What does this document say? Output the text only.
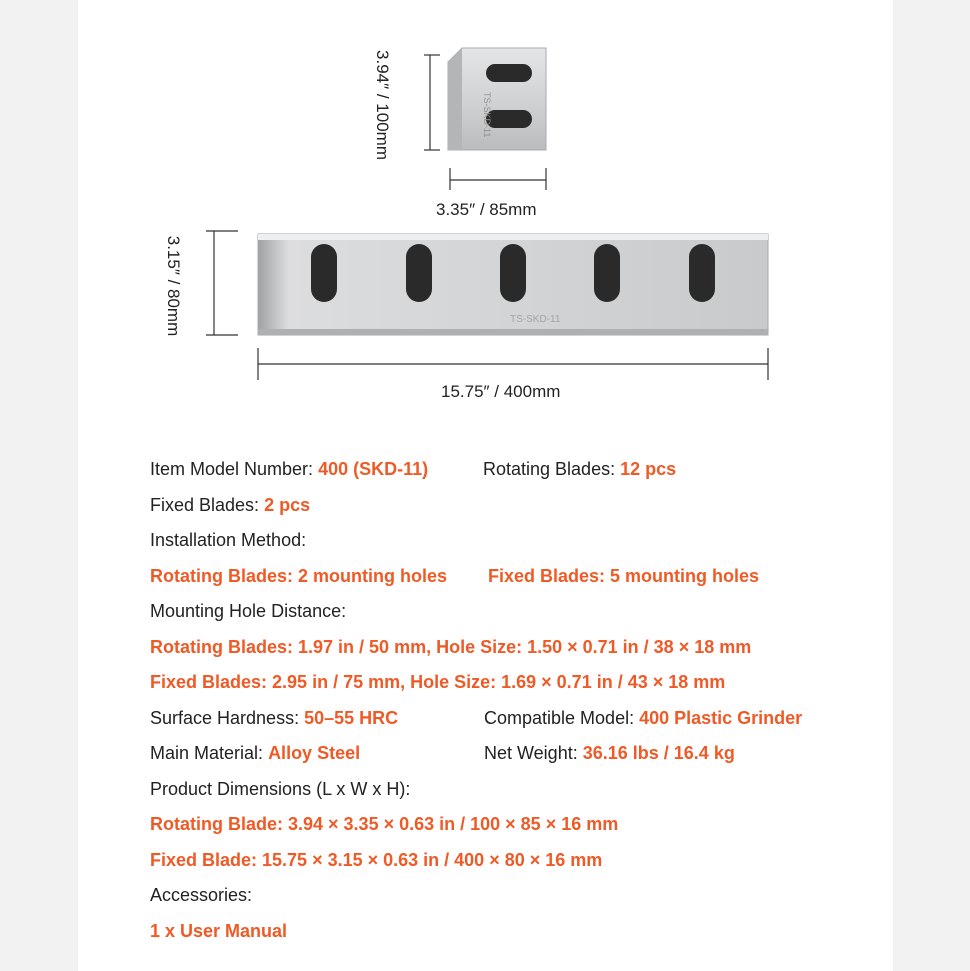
TS-SKD-11
TS-SKD-11
3.94″ / 100mm
3.35″ / 85mm
3.15″ / 80mm
15.75″ / 400mm
Item Model Number: 400 (SKD-11)	Rotating Blades: 12 pcs
Fixed Blades: 2 pcs
Installation Method:
Rotating Blades: 2 mounting holes Fixed Blades: 5 mounting holes
Mounting Hole Distance:
Rotating Blades: 1.97 in / 50 mm, Hole Size: 1.50 × 0.71 in / 38 × 18 mm
Fixed Blades: 2.95 in / 75 mm, Hole Size: 1.69 × 0.71 in / 43 × 18 mm
Surface Hardness: 50–55 HRC	Compatible Model: 400 Plastic Grinder
Main Material: Alloy Steel	Net Weight: 36.16 lbs / 16.4 kg
Product Dimensions (L x W x H):
Rotating Blade: 3.94 × 3.35 × 0.63 in / 100 × 85 × 16 mm
Fixed Blade: 15.75 × 3.15 × 0.63 in / 400 × 80 × 16 mm
Accessories:
1 x User Manual
